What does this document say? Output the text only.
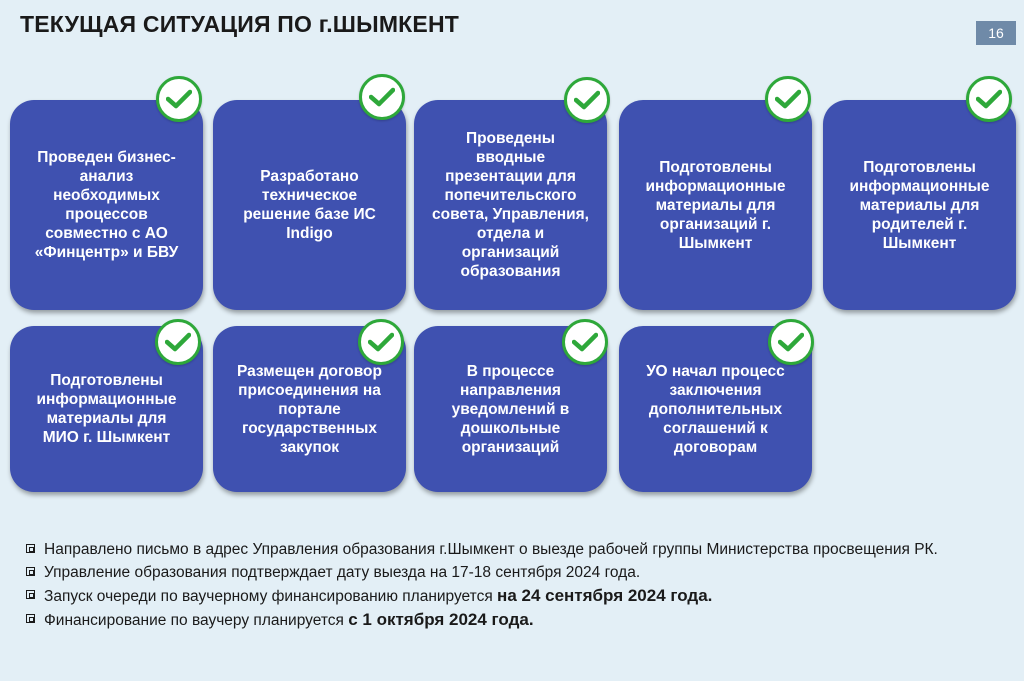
ТЕКУЩАЯ СИТУАЦИЯ ПО г.ШЫМКЕНТ	16
Проведен бизнес-анализ необходимых процессов совместно с АО «Финцентр» и БВУ
Разработано техническое решение базе ИС Indigo
Проведены вводные презентации для попечительского совета, Управления, отдела и организаций образования
Подготовлены информационные материалы для организаций г. Шымкент
Подготовлены информационные материалы для родителей г. Шымкент
Подготовлены информационные материалы для МИО г. Шымкент
Размещен договор присоединения на портале государственных закупок
В процессе направления уведомлений в дошкольные организаций
УО начал процесс заключения дополнительных соглашений к договорам
Направлено письмо в адрес Управления образования г.Шымкент о выезде рабочей группы Министерства просвещения РК.
Управление образования подтверждает дату выезда на 17-18 сентября 2024 года.
Запуск очереди по ваучерному финансированию планируется на 24 сентября 2024 года.
Финансирование по ваучеру планируется с 1 октября 2024 года.
